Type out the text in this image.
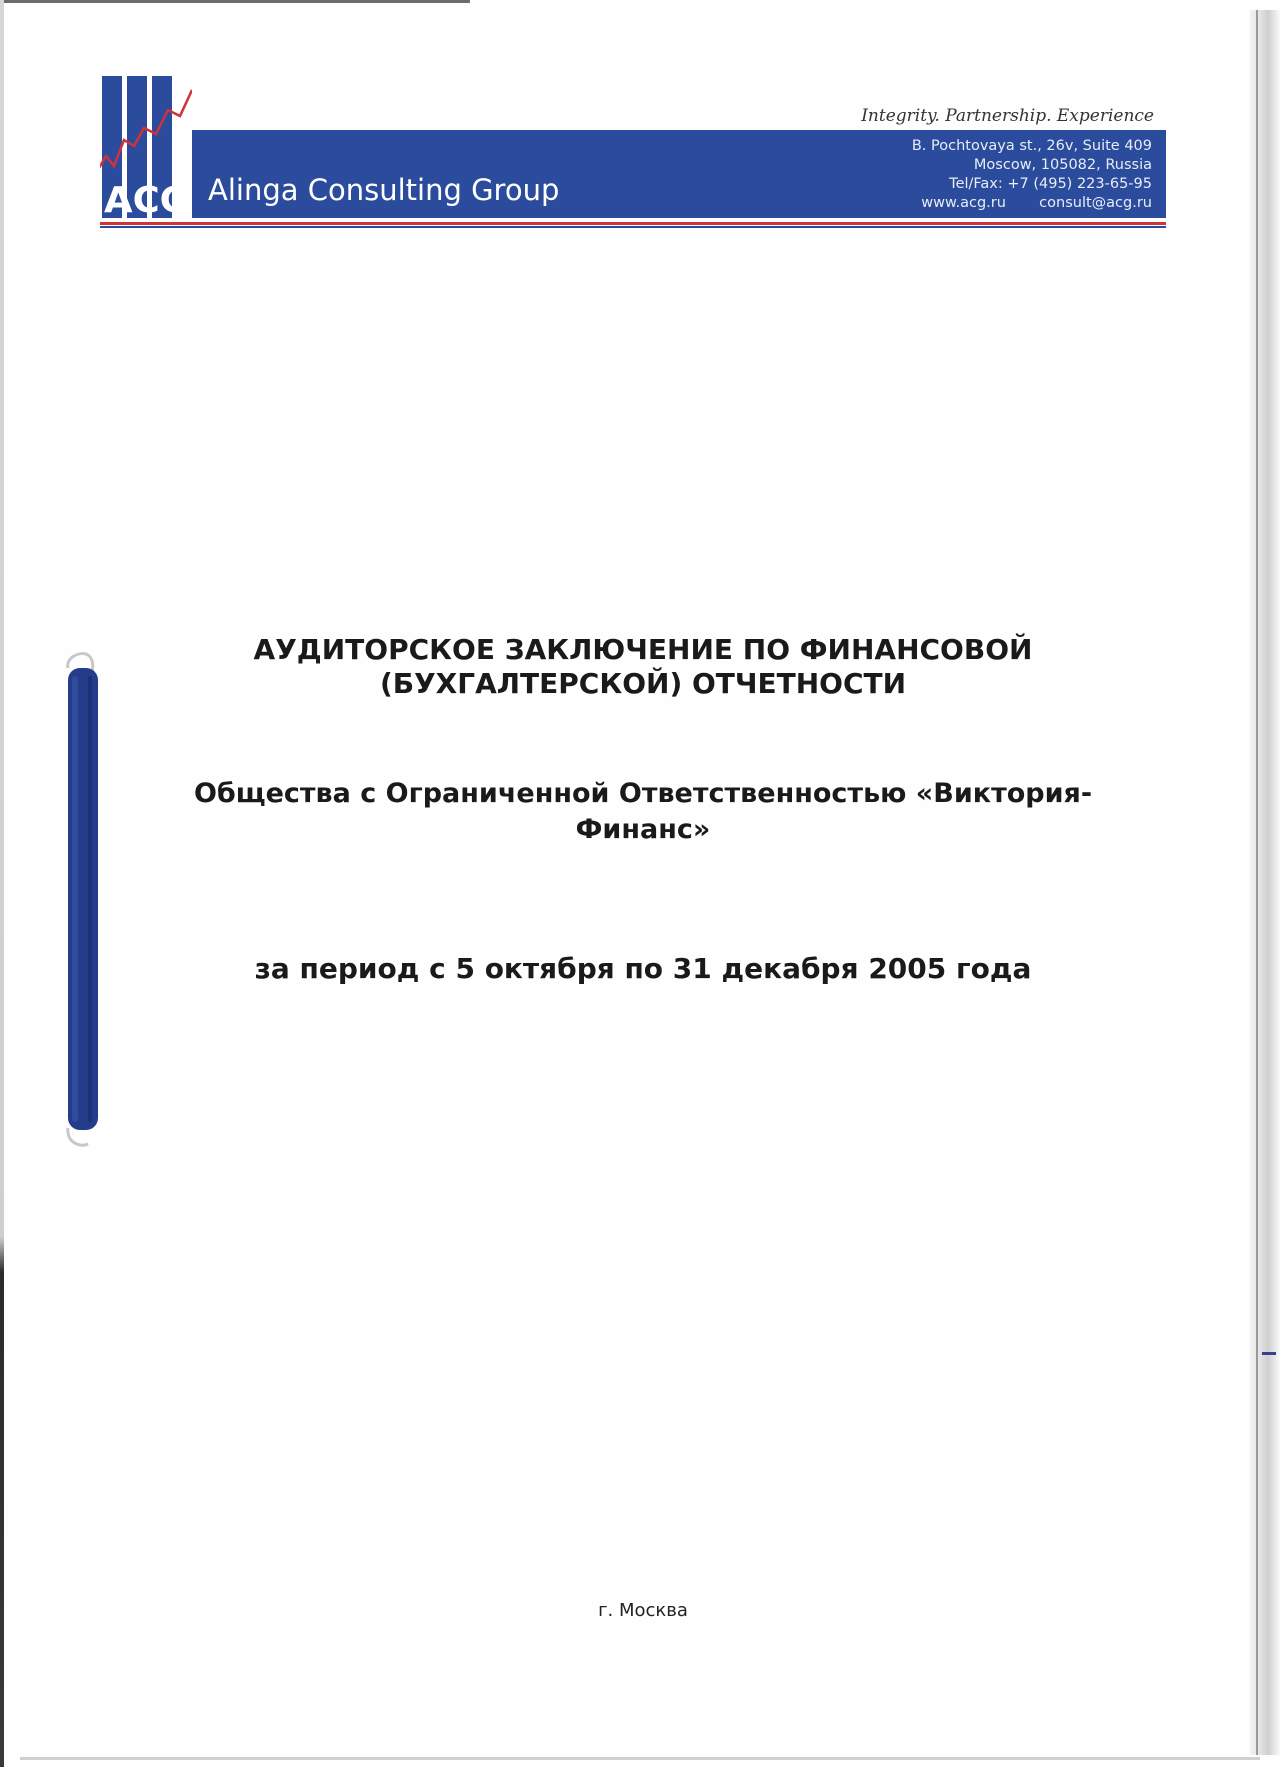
ACG Alinga Consulting Group
Integrity. Partnership. Experience
B. Pochtovaya st., 26v, Suite 409
Moscow, 105082, Russia
Tel/Fax: +7 (495) 223-65-95
www.acg.ru consult@acg.ru
АУДИТОРСКОЕ ЗАКЛЮЧЕНИЕ ПО ФИНАНСОВОЙ (БУХГАЛТЕРСКОЙ) ОТЧЕТНОСТИ
Общества с Ограниченной Ответственностью «Виктория-Финанс»
за период с 5 октября по 31 декабря 2005 года
г. Москва
